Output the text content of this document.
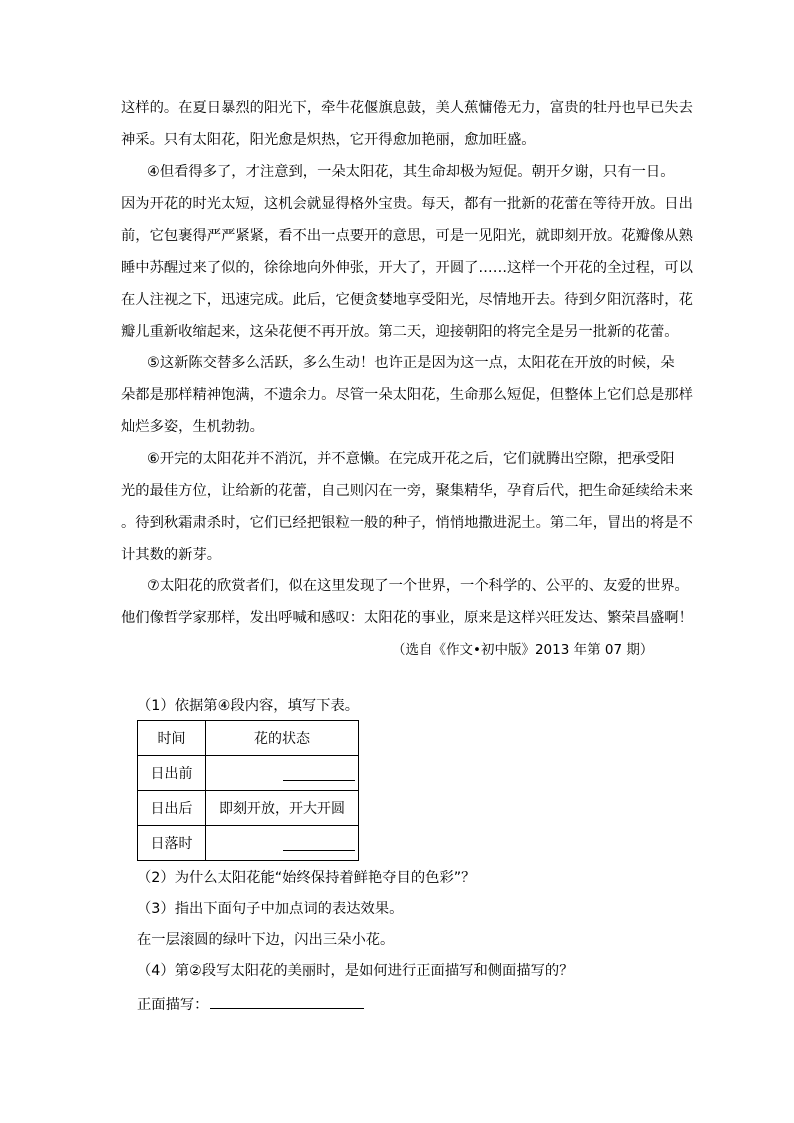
这样的。在夏日暴烈的阳光下，牵牛花偃旗息鼓，美人蕉慵倦无力，富贵的牡丹也早已失去
神采。只有太阳花，阳光愈是炽热，它开得愈加艳丽，愈加旺盛。
④但看得多了，才注意到，一朵太阳花，其生命却极为短促。朝开夕谢，只有一日。
因为开花的时光太短，这机会就显得格外宝贵。每天，都有一批新的花蕾在等待开放。日出
前，它包裹得严严紧紧，看不出一点要开的意思，可是一见阳光，就即刻开放。花瓣像从熟
睡中苏醒过来了似的，徐徐地向外伸张，开大了，开圆了……这样一个开花的全过程，可以
在人注视之下，迅速完成。此后，它便贪婪地享受阳光，尽情地开去。待到夕阳沉落时，花
瓣儿重新收缩起来，这朵花便不再开放。第二天，迎接朝阳的将完全是另一批新的花蕾。
⑤这新陈交替多么活跃，多么生动！也许正是因为这一点，太阳花在开放的时候，朵
朵都是那样精神饱满，不遗余力。尽管一朵太阳花，生命那么短促，但整体上它们总是那样
灿烂多姿，生机勃勃。
⑥开完的太阳花并不消沉，并不意懒。在完成开花之后，它们就腾出空隙，把承受阳
光的最佳方位，让给新的花蕾，自己则闪在一旁，聚集精华，孕育后代，把生命延续给未来
。待到秋霜肃杀时，它们已经把银粒一般的种子，悄悄地撒进泥土。第二年，冒出的将是不
计其数的新芽。
⑦太阳花的欣赏者们，似在这里发现了一个世界，一个科学的、公平的、友爱的世界。
他们像哲学家那样，发出呼喊和感叹：太阳花的事业，原来是这样兴旺发达、繁荣昌盛啊！
（选自《作文•初中版》2013 年第 07 期）
（1）依据第④段内容，填写下表。
时间	花的状态
日出前	

日出后	即刻开放，开大开圆
日落时	
（2）为什么太阳花能“始终保持着鲜艳夺目的色彩”？
（3）指出下面句子中加点词的表达效果。
在一层滚圆的绿叶下边，闪出三朵小花。
（4）第②段写太阳花的美丽时，是如何进行正面描写和侧面描写的？
正面描写：
